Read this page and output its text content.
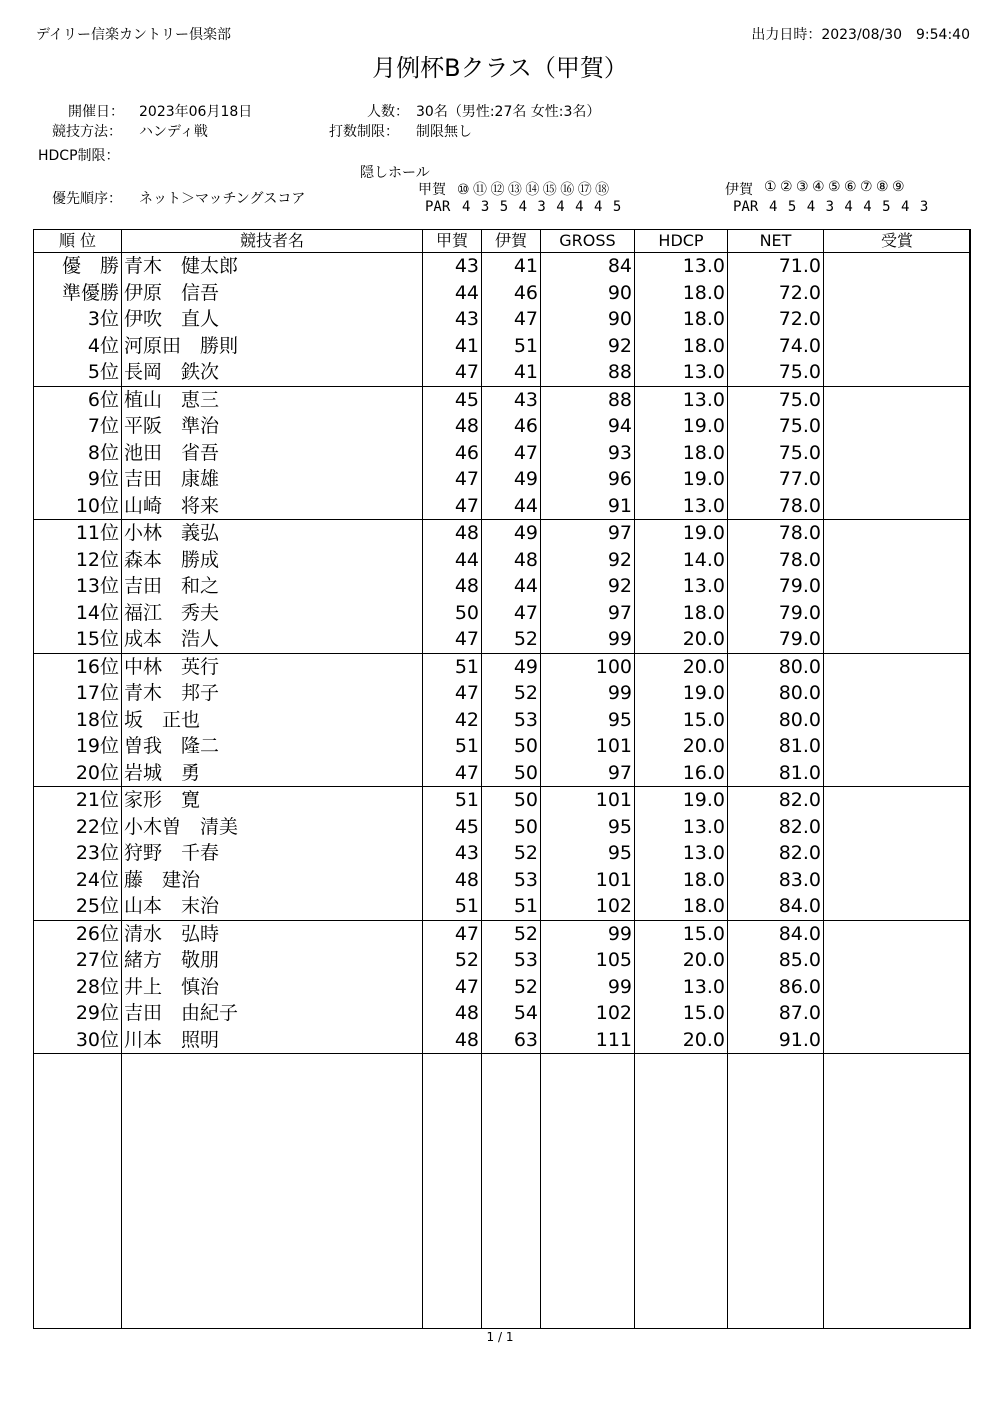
デイリー信楽カントリー倶楽部	出力日時：2023/08/30　9:54:40
月例杯Bクラス（甲賀）
開催日： 2023年06月18日
競技方法： ハンディ戦
HDCP制限：
人数： 30名（男性:27名 女性:3名）
打数制限： 制限無し
隠しホール
優先順序： ネット＞マッチングスコア
甲賀 ⑩ ⑪ ⑫ ⑬ ⑭ ⑮ ⑯ ⑰ ⑱
PAR 4 3 5 4 3 4 4 4 5
伊賀 ① ② ③ ④ ⑤ ⑥ ⑦ ⑧ ⑨
PAR 4 5 4 3 4 4 5 4 3
順 位	競技者名	甲賀	伊賀	GROSS	HDCP	NET	受賞
優　勝	青木　健太郎	43	41	84	13.0	71.0	
準優勝	伊原　信吾	44	46	90	18.0	72.0	
3位	伊吹　直人	43	47	90	18.0	72.0	
4位	河原田　勝則	41	51	92	18.0	74.0	
5位	長岡　鉄次	47	41	88	13.0	75.0	
6位	植山　恵三	45	43	88	13.0	75.0	
7位	平阪　準治	48	46	94	19.0	75.0	
8位	池田　省吾	46	47	93	18.0	75.0	
9位	吉田　康雄	47	49	96	19.0	77.0	
10位	山崎　将来	47	44	91	13.0	78.0	
11位	小林　義弘	48	49	97	19.0	78.0	
12位	森本　勝成	44	48	92	14.0	78.0	
13位	吉田　和之	48	44	92	13.0	79.0	
14位	福江　秀夫	50	47	97	18.0	79.0	
15位	成本　浩人	47	52	99	20.0	79.0	
16位	中林　英行	51	49	100	20.0	80.0	
17位	青木　邦子	47	52	99	19.0	80.0	
18位	坂　正也	42	53	95	15.0	80.0	
19位	曽我　隆二	51	50	101	20.0	81.0	
20位	岩城　勇	47	50	97	16.0	81.0	
21位	家形　寛	51	50	101	19.0	82.0	
22位	小木曽　清美	45	50	95	13.0	82.0	
23位	狩野　千春	43	52	95	13.0	82.0	
24位	藤　建治	48	53	101	18.0	83.0	
25位	山本　末治	51	51	102	18.0	84.0	
26位	清水　弘時	47	52	99	15.0	84.0	
27位	緒方　敬朋	52	53	105	20.0	85.0	
28位	井上　慎治	47	52	99	13.0	86.0	
29位	吉田　由紀子	48	54	102	15.0	87.0	
30位	川本　照明	48	63	111	20.0	91.0	

1 / 1
